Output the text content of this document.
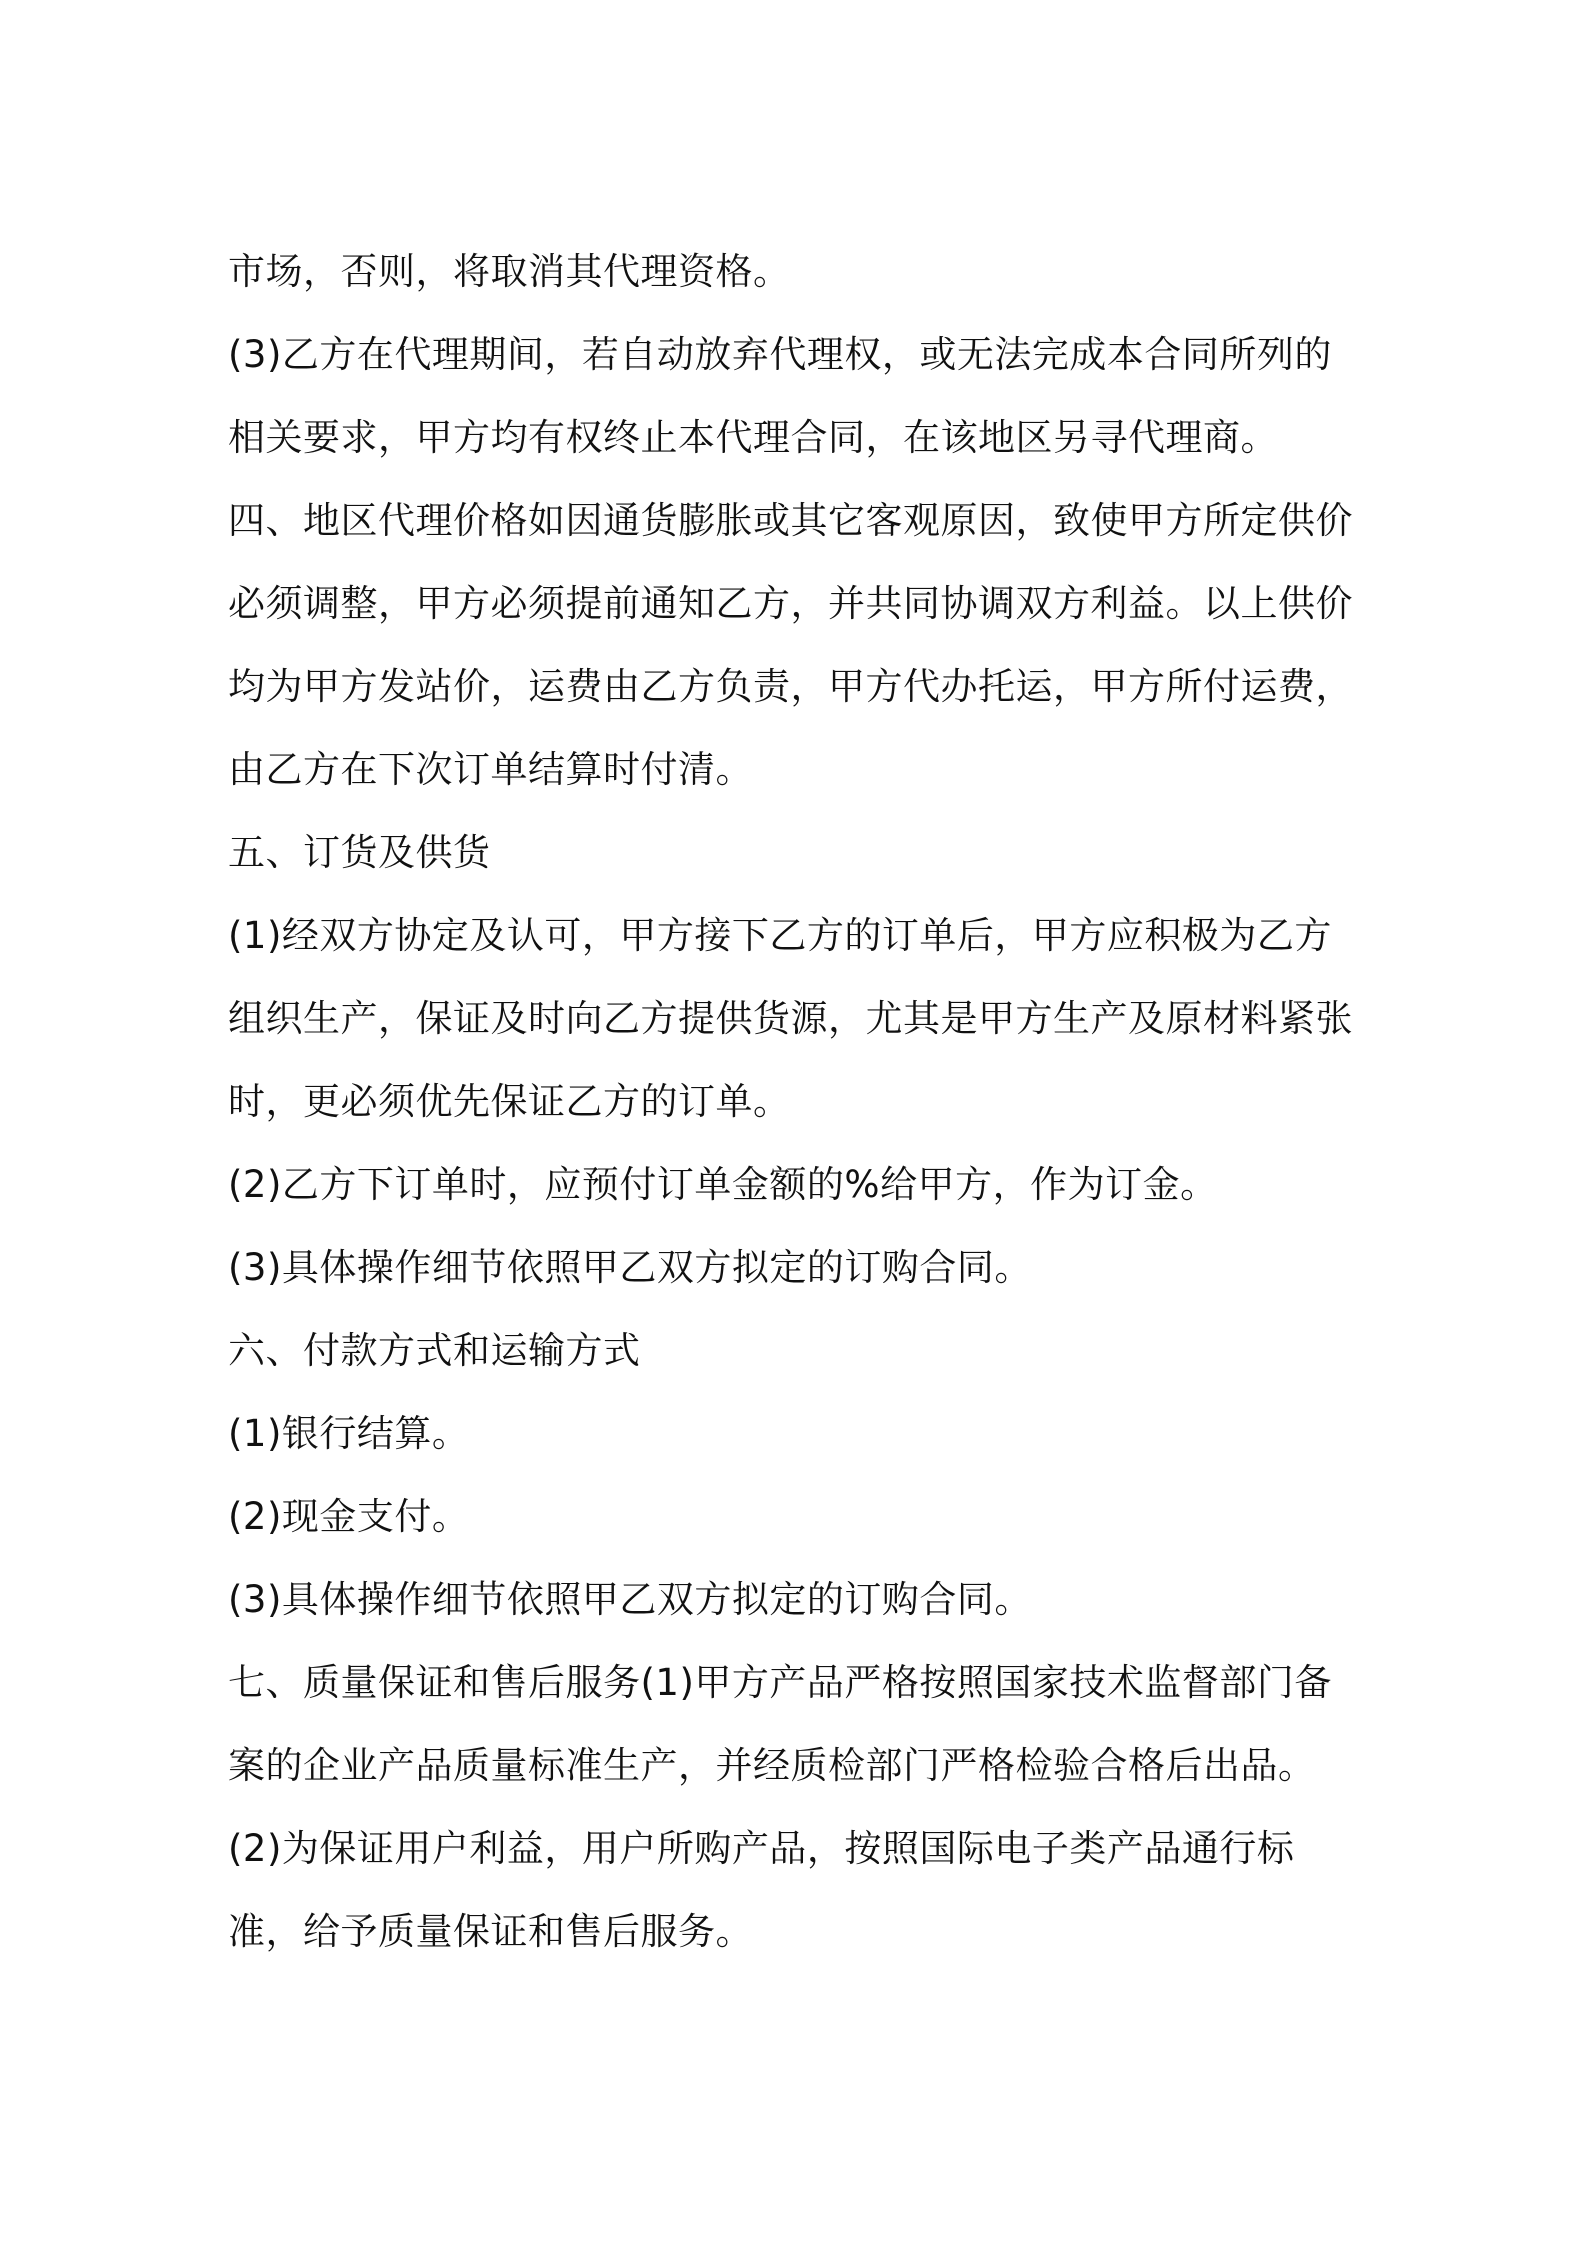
市场，否则，将取消其代理资格。

(3)乙方在代理期间，若自动放弃代理权，或无法完成本合同所列的相关要求，甲方均有权终止本代理合同，在该地区另寻代理商。

四、地区代理价格如因通货膨胀或其它客观原因，致使甲方所定供价必须调整，甲方必须提前通知乙方，并共同协调双方利益。以上供价均为甲方发站价，运费由乙方负责，甲方代办托运，甲方所付运费，由乙方在下次订单结算时付清。

五、订货及供货

(1)经双方协定及认可，甲方接下乙方的订单后，甲方应积极为乙方组织生产，保证及时向乙方提供货源，尤其是甲方生产及原材料紧张时，更必须优先保证乙方的订单。

(2)乙方下订单时，应预付订单金额的%给甲方，作为订金。

(3)具体操作细节依照甲乙双方拟定的订购合同。

六、付款方式和运输方式

(1)银行结算。

(2)现金支付。

(3)具体操作细节依照甲乙双方拟定的订购合同。

七、质量保证和售后服务(1)甲方产品严格按照国家技术监督部门备案的企业产品质量标准生产，并经质检部门严格检验合格后出品。

(2)为保证用户利益，用户所购产品，按照国际电子类产品通行标准，给予质量保证和售后服务。
